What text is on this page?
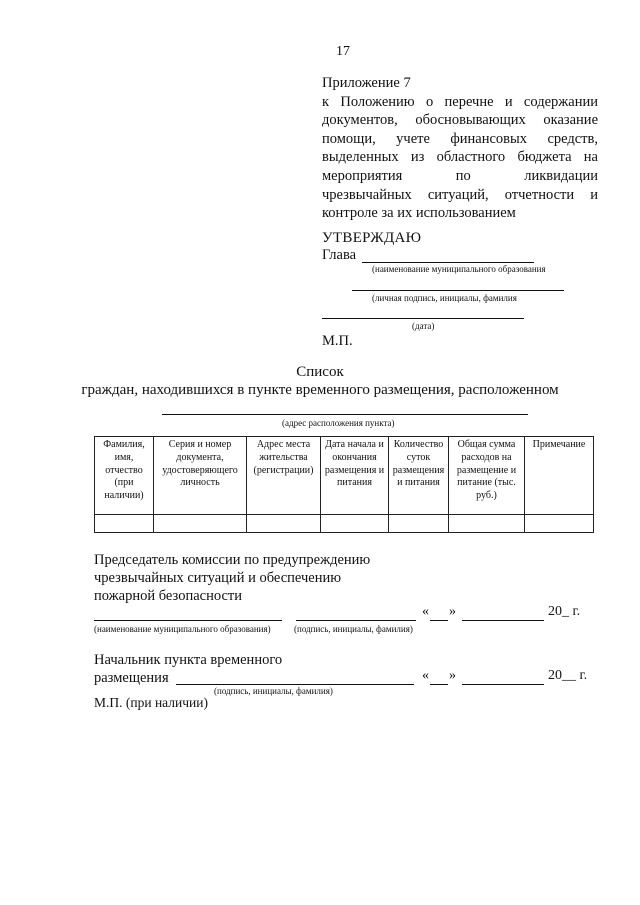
17
Приложение 7
к Положению о перечне и содержании
документов, обосновывающих оказание
помощи, учете финансовых средств,
выделенных из областного бюджета на
мероприятия по ликвидации
чрезвычайных ситуаций, отчетности и
контроле за их использованием
УТВЕРЖДАЮ
Глава
(наименование муниципального образования
(личная подпись, инициалы, фамилия
(дата)
М.П.
Список
граждан, находившихся в пункте временного размещения, расположенном
(адрес расположения пункта)
Фамилия, имя, отчество (при наличии)	Серия и номер документа, удостоверяющего личность	Адрес места жительства (регистрации)	Дата начала и окончания размещения и питания	Количество суток размещения и питания	Общая сумма расходов на размещение и питание (тыс. руб.)	Примечание

Председатель комиссии по предупреждению
чрезвычайных ситуаций и обеспечению
пожарной безопасности
« »	20_ г.
(наименование муниципального образования)	(подпись, инициалы, фамилия)
Начальник пункта временного
размещения	« »	20__ г.
(подпись, инициалы, фамилия)
М.П. (при наличии)
